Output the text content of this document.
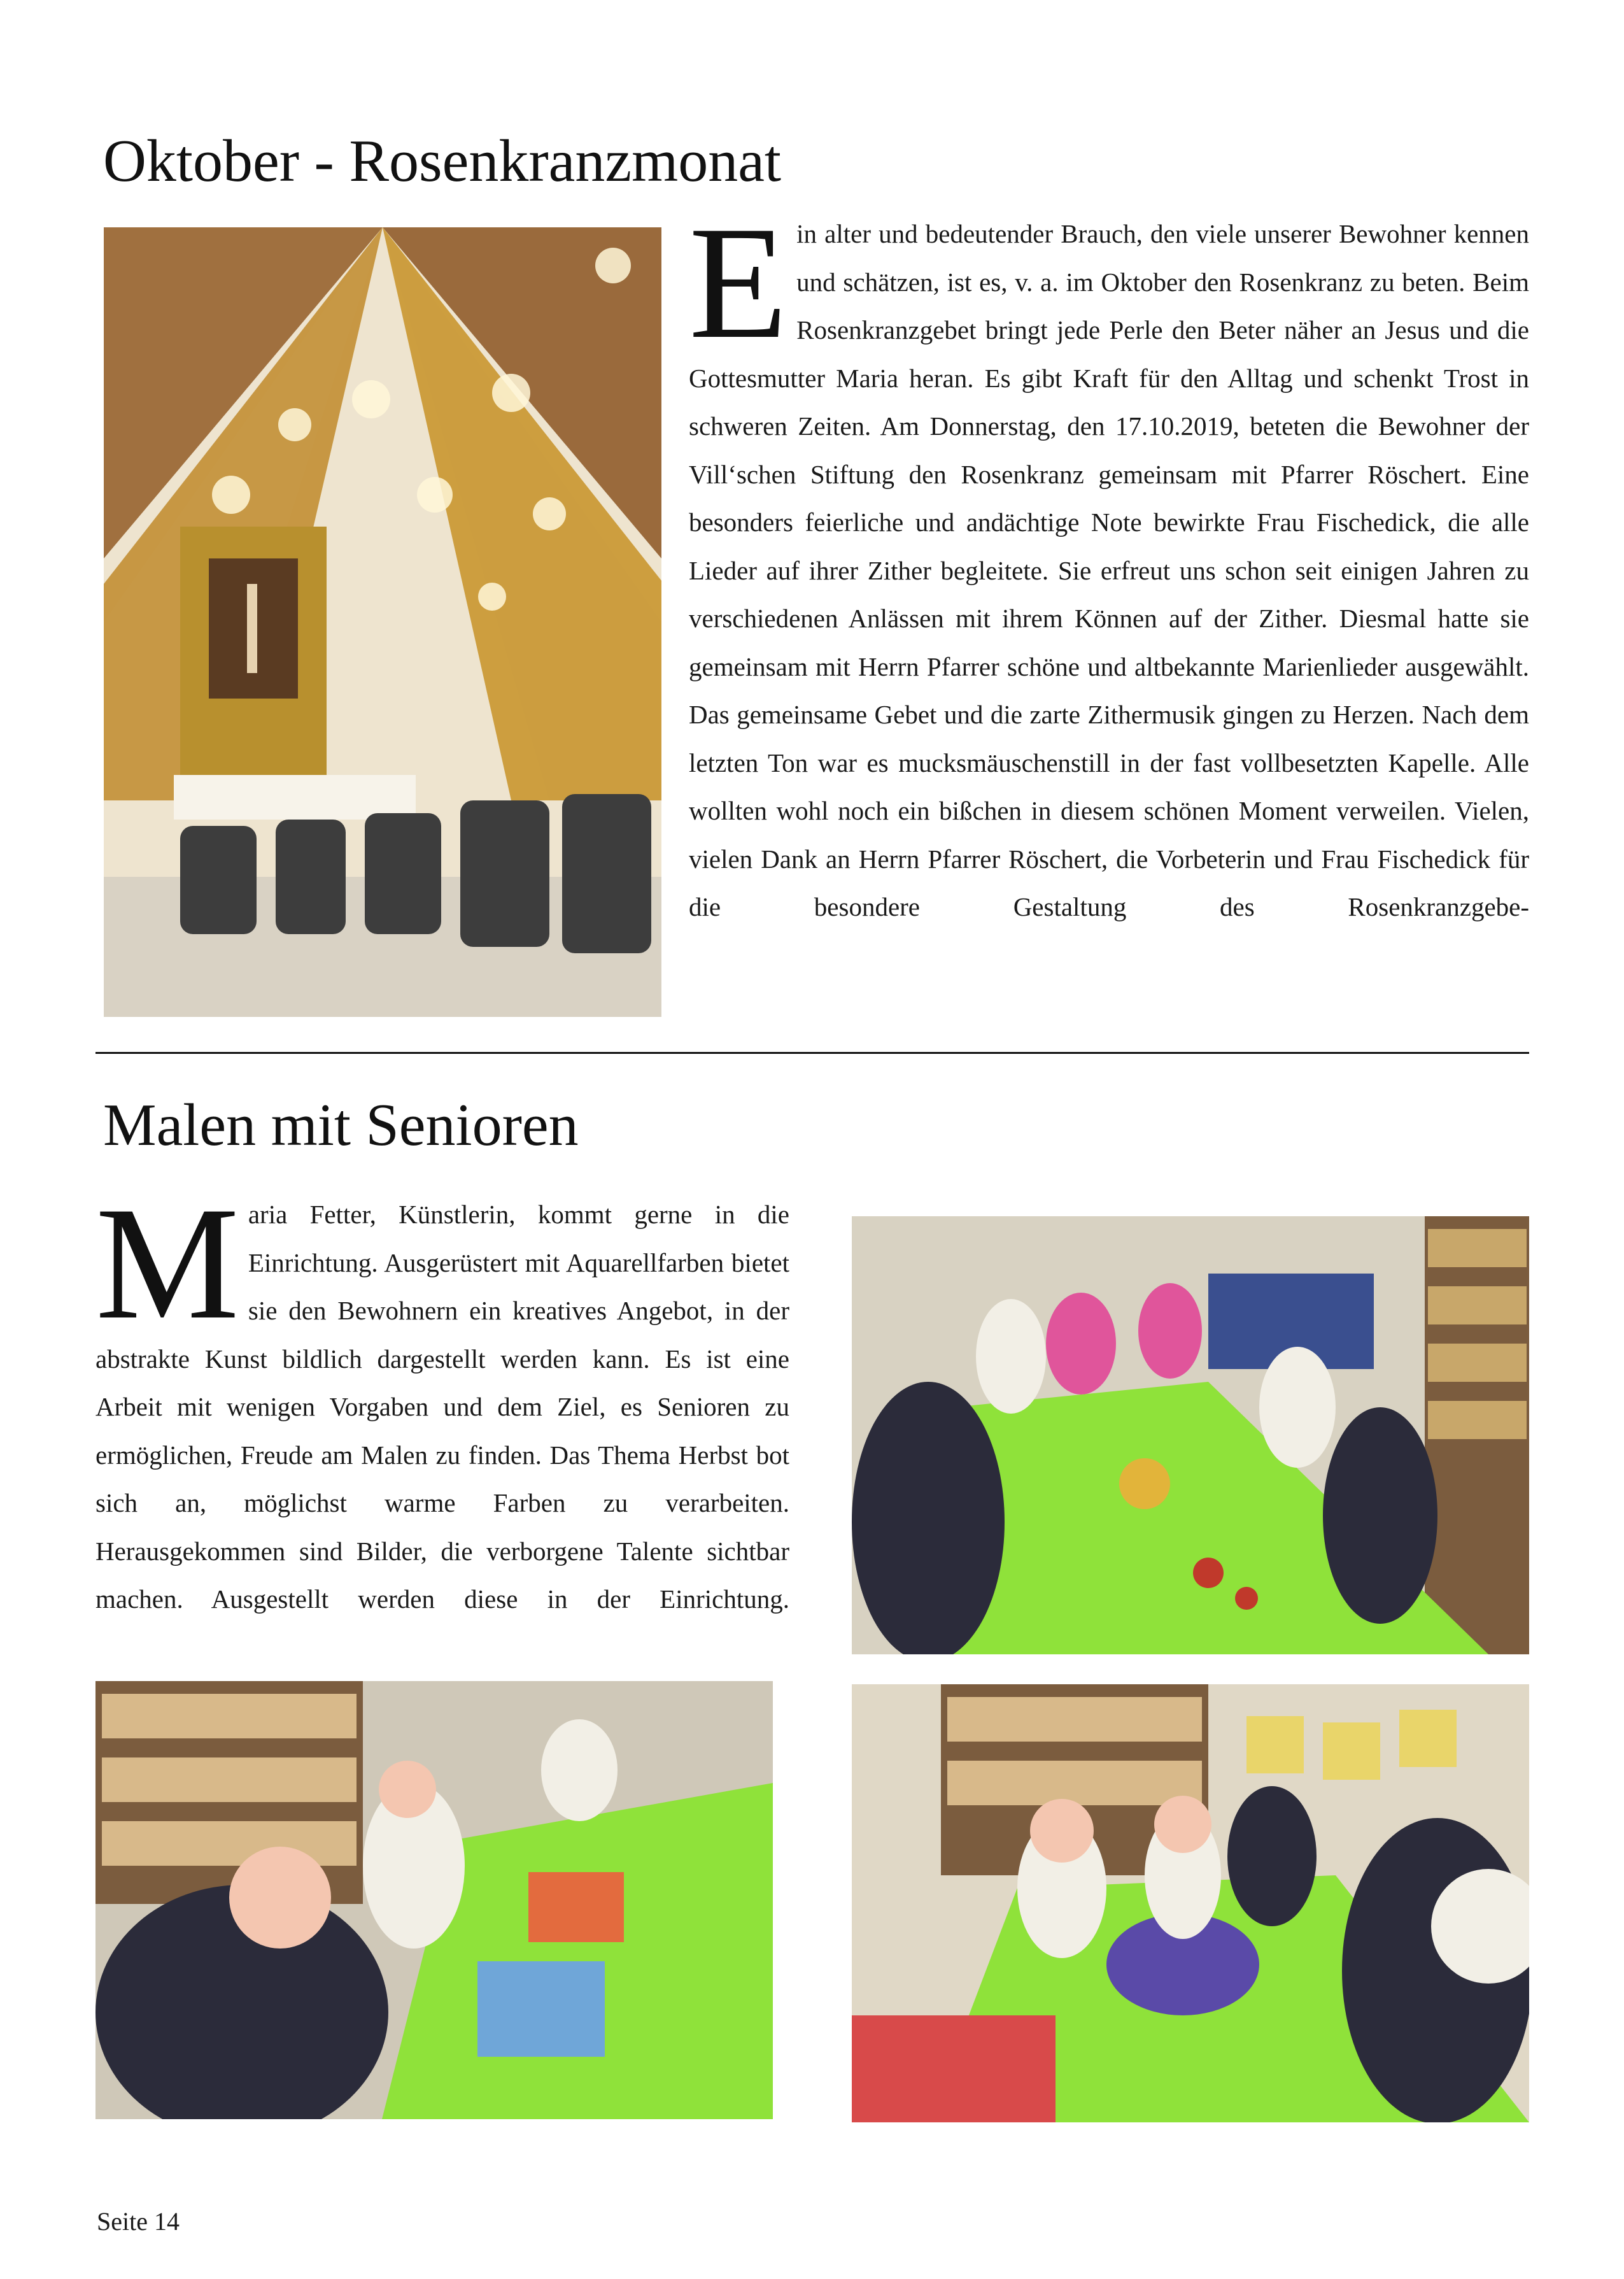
Oktober - Rosenkranzmonat
Ein alter und bedeutender Brauch, den viele unserer Bewohner kennen und schätzen, ist es, v. a. im Oktober den Rosenkranz zu beten. Beim Rosenkranzgebet bringt jede Perle den Beter näher an Jesus und die Gottesmutter Maria heran. Es gibt Kraft für den Alltag und schenkt Trost in schweren Zeiten. Am Donnerstag, den 17.10.2019, beteten die Bewohner der Vill‘schen Stiftung den Rosenkranz gemeinsam mit Pfarrer Röschert. Eine besonders feierliche und andächtige Note bewirkte Frau Fischedick, die alle Lieder auf ihrer Zither begleitete. Sie erfreut uns schon seit einigen Jahren zu verschiedenen Anlässen mit ihrem Können auf der Zither. Diesmal hatte sie gemeinsam mit Herrn Pfarrer schöne und altbekannte Marienlieder ausgewählt. Das gemeinsame Gebet und die zarte Zithermusik gingen zu Herzen. Nach dem letzten Ton war es mucksmäuschenstill in der fast vollbesetzten Kapelle. Alle wollten wohl noch ein bißchen in diesem schönen Moment verweilen. Vielen, vielen Dank an Herrn Pfarrer Röschert, die Vorbeterin und Frau Fischedick für die besondere Gestaltung des Rosenkranzgebe-
Malen mit Senioren
Maria Fetter, Künstlerin, kommt gerne in die Einrichtung. Ausgerüstert mit Aquarellfarben bietet sie den Bewohnern ein kreatives Angebot, in der abstrakte Kunst bildlich dargestellt werden kann. Es ist eine Arbeit mit wenigen Vorgaben und dem Ziel, es Senioren zu ermöglichen, Freude am Malen zu finden. Das Thema Herbst bot sich an, möglichst warme Farben zu verarbeiten. Herausgekommen sind Bilder, die verborgene Talente sichtbar machen. Ausgestellt werden diese in der Einrichtung.
Seite 14
